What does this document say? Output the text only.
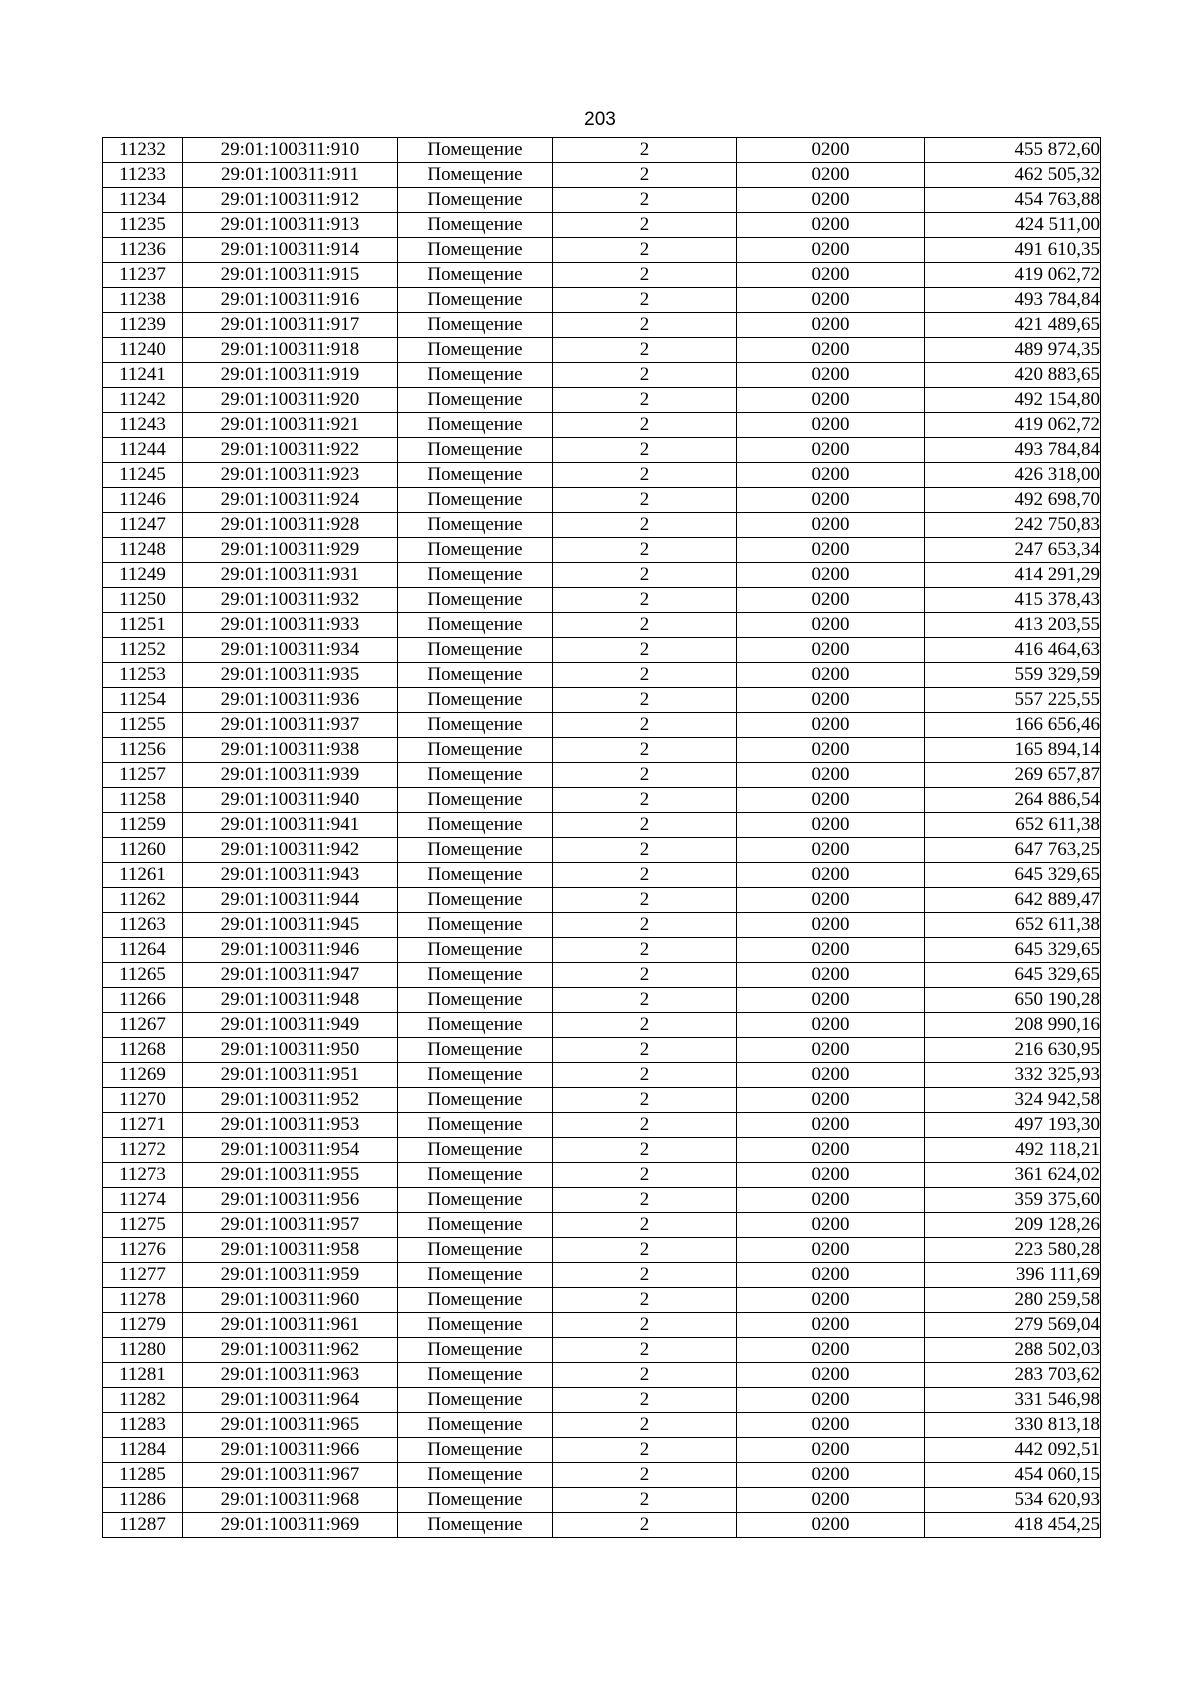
203
11232	29:01:100311:910	Помещение	2	0200	455 872,60
11233	29:01:100311:911	Помещение	2	0200	462 505,32
11234	29:01:100311:912	Помещение	2	0200	454 763,88
11235	29:01:100311:913	Помещение	2	0200	424 511,00
11236	29:01:100311:914	Помещение	2	0200	491 610,35
11237	29:01:100311:915	Помещение	2	0200	419 062,72
11238	29:01:100311:916	Помещение	2	0200	493 784,84
11239	29:01:100311:917	Помещение	2	0200	421 489,65
11240	29:01:100311:918	Помещение	2	0200	489 974,35
11241	29:01:100311:919	Помещение	2	0200	420 883,65
11242	29:01:100311:920	Помещение	2	0200	492 154,80
11243	29:01:100311:921	Помещение	2	0200	419 062,72
11244	29:01:100311:922	Помещение	2	0200	493 784,84
11245	29:01:100311:923	Помещение	2	0200	426 318,00
11246	29:01:100311:924	Помещение	2	0200	492 698,70
11247	29:01:100311:928	Помещение	2	0200	242 750,83
11248	29:01:100311:929	Помещение	2	0200	247 653,34
11249	29:01:100311:931	Помещение	2	0200	414 291,29
11250	29:01:100311:932	Помещение	2	0200	415 378,43
11251	29:01:100311:933	Помещение	2	0200	413 203,55
11252	29:01:100311:934	Помещение	2	0200	416 464,63
11253	29:01:100311:935	Помещение	2	0200	559 329,59
11254	29:01:100311:936	Помещение	2	0200	557 225,55
11255	29:01:100311:937	Помещение	2	0200	166 656,46
11256	29:01:100311:938	Помещение	2	0200	165 894,14
11257	29:01:100311:939	Помещение	2	0200	269 657,87
11258	29:01:100311:940	Помещение	2	0200	264 886,54
11259	29:01:100311:941	Помещение	2	0200	652 611,38
11260	29:01:100311:942	Помещение	2	0200	647 763,25
11261	29:01:100311:943	Помещение	2	0200	645 329,65
11262	29:01:100311:944	Помещение	2	0200	642 889,47
11263	29:01:100311:945	Помещение	2	0200	652 611,38
11264	29:01:100311:946	Помещение	2	0200	645 329,65
11265	29:01:100311:947	Помещение	2	0200	645 329,65
11266	29:01:100311:948	Помещение	2	0200	650 190,28
11267	29:01:100311:949	Помещение	2	0200	208 990,16
11268	29:01:100311:950	Помещение	2	0200	216 630,95
11269	29:01:100311:951	Помещение	2	0200	332 325,93
11270	29:01:100311:952	Помещение	2	0200	324 942,58
11271	29:01:100311:953	Помещение	2	0200	497 193,30
11272	29:01:100311:954	Помещение	2	0200	492 118,21
11273	29:01:100311:955	Помещение	2	0200	361 624,02
11274	29:01:100311:956	Помещение	2	0200	359 375,60
11275	29:01:100311:957	Помещение	2	0200	209 128,26
11276	29:01:100311:958	Помещение	2	0200	223 580,28
11277	29:01:100311:959	Помещение	2	0200	396 111,69
11278	29:01:100311:960	Помещение	2	0200	280 259,58
11279	29:01:100311:961	Помещение	2	0200	279 569,04
11280	29:01:100311:962	Помещение	2	0200	288 502,03
11281	29:01:100311:963	Помещение	2	0200	283 703,62
11282	29:01:100311:964	Помещение	2	0200	331 546,98
11283	29:01:100311:965	Помещение	2	0200	330 813,18
11284	29:01:100311:966	Помещение	2	0200	442 092,51
11285	29:01:100311:967	Помещение	2	0200	454 060,15
11286	29:01:100311:968	Помещение	2	0200	534 620,93
11287	29:01:100311:969	Помещение	2	0200	418 454,25
